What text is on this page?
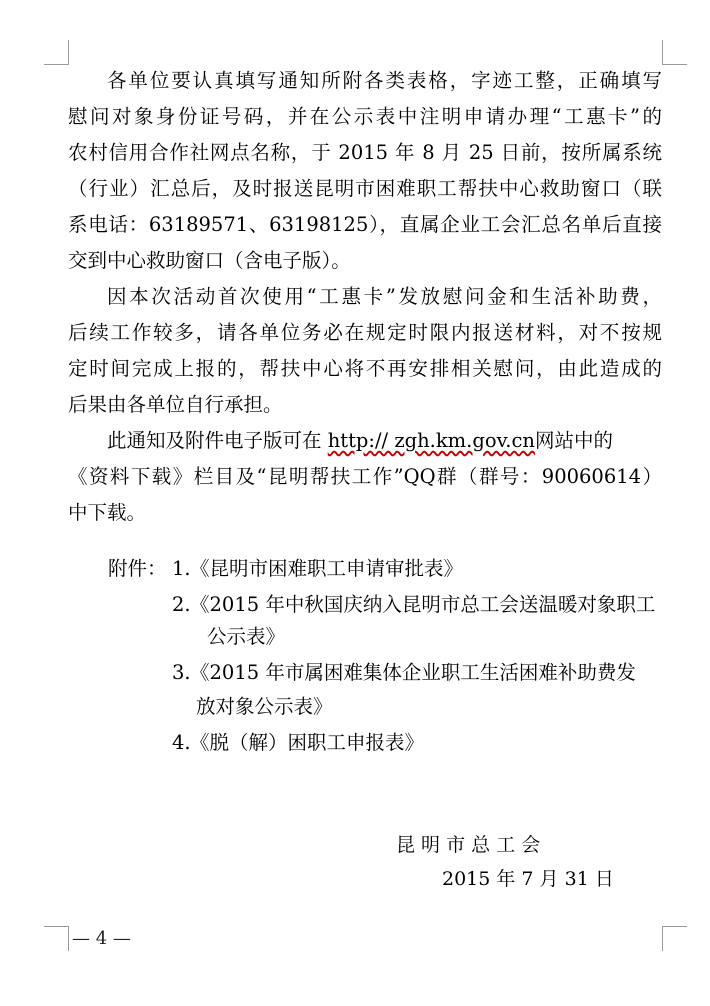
各单位要认真填写通知所附各类表格，字迹工整，正确填写
慰问对象身份证号码，并在公示表中注明申请办理“工惠卡”的
农村信用合作社网点名称，于 2015 年 8 月 25 日前，按所属系统
（行业）汇总后，及时报送昆明市困难职工帮扶中心救助窗口（联
系电话：63189571、63198125），直属企业工会汇总名单后直接
交到中心救助窗口（含电子版）。
因本次活动首次使用“工惠卡”发放慰问金和生活补助费，
后续工作较多，请各单位务必在规定时限内报送材料，对不按规
定时间完成上报的，帮扶中心将不再安排相关慰问，由此造成的
后果由各单位自行承担。
此通知及附件电子版可在 http:// zgh.km.gov.cn网站中的
《资料下载》栏目及“昆明帮扶工作”QQ群（群号：90060614）
中下载。
附件： 1. 《昆明市困难职工申请审批表》
2. 《2015 年中秋国庆纳入昆明市总工会送温暖对象职工
公示表》
3. 《2015 年市属困难集体企业职工生活困难补助费发
放对象公示表》
4. 《脱（解）困职工申报表》
昆 明 市 总 工 会
2015 年 7 月 31 日
— 4 —
